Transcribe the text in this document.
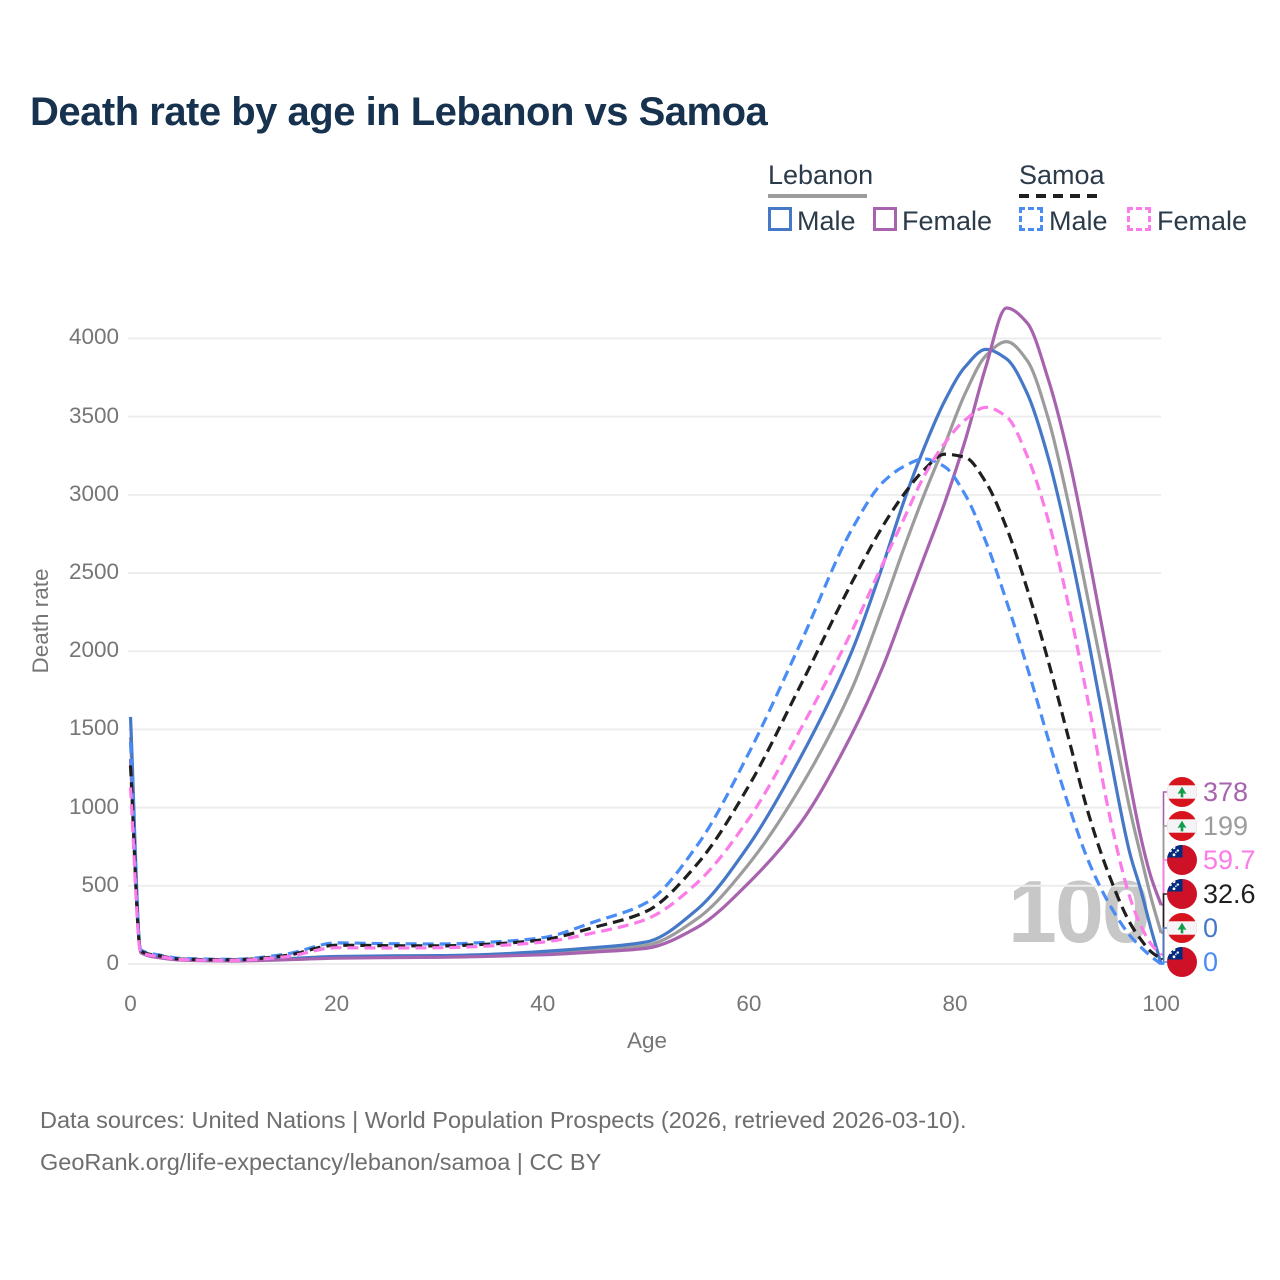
Death rate by age in Lebanon vs Samoa
Lebanon
Male Female
Samoa
Male Female
Death rate
Age
100
0
500
1000
1500
2000
2500
3000
3500
4000
0	20	40	60	80	100
378
199
59.7
32.6
0
0
Data sources: United Nations | World Population Prospects (2026, retrieved 2026-03-10).
GeoRank.org/life-expectancy/lebanon/samoa | CC BY
